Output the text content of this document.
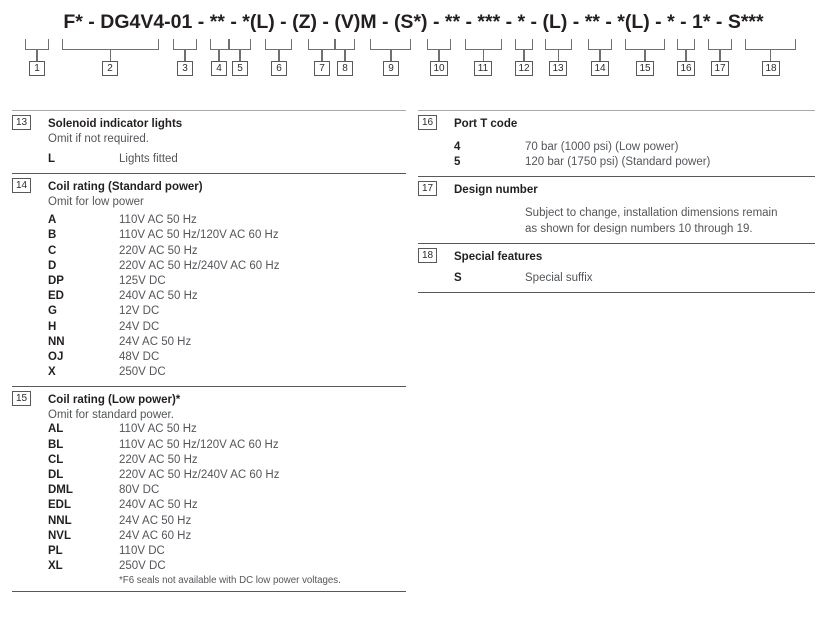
F* - DG4V4-01 - ** - *(L) - (Z) - (V)M - (S*) - ** - *** - * - (L) - ** - *(L) - * - 1* - S***
1	2	3	4	5	6	7	8	9	10	11	12	13	14	15	16	17	18
13	Solenoid indicator lights
Omit if not required.
L	Lights fitted
14	Coil rating (Standard power)
Omit for low power
A	110V AC 50 Hz
B	110V AC 50 Hz/120V AC 60 Hz
C	220V AC 50 Hz
D	220V AC 50 Hz/240V AC 60 Hz
DP	125V DC
ED	240V AC 50 Hz
G	12V DC
H	24V DC
NN	24V AC 50 Hz
OJ	48V DC
X	250V DC
15	Coil rating (Low power)*
Omit for standard power.
AL	110V AC 50 Hz
BL	110V AC 50 Hz/120V AC 60 Hz
CL	220V AC 50 Hz
DL	220V AC 50 Hz/240V AC 60 Hz
DML	80V DC
EDL	240V AC 50 Hz
NNL	24V AC 50 Hz
NVL	24V AC 60 Hz
PL	110V DC
XL	250V DC
*F6 seals not available with DC low power voltages.
16	Port T code
4	70 bar (1000 psi) (Low power)
5	120 bar (1750 psi) (Standard power)
17	Design number
Subject to change, installation dimensions remain
as shown for design numbers 10 through 19.
18	Special features
S	Special suffix
